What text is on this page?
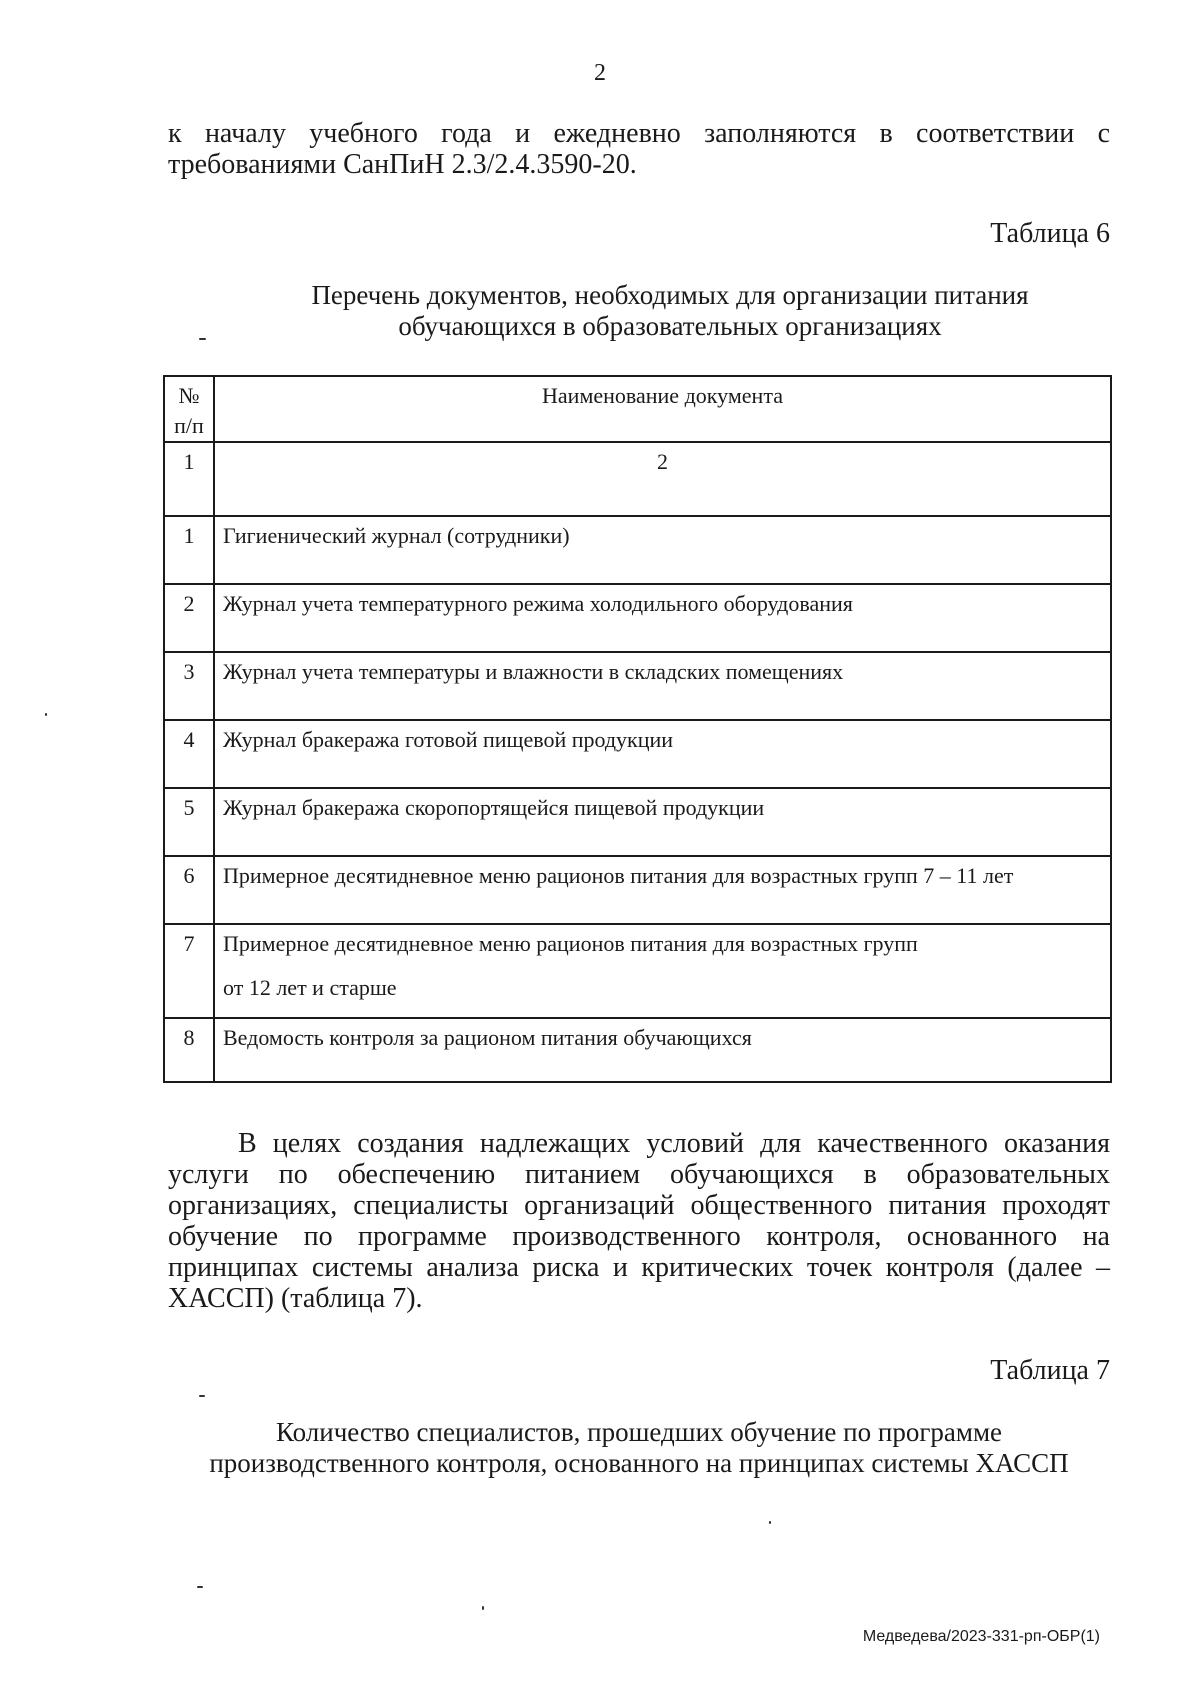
2
к началу учебного года и ежедневно заполняются в соответствии с требованиями СанПиН 2.3/2.4.3590-20.
Таблица 6
Перечень документов, необходимых для организации питания
обучающихся в образовательных организациях
№ п/п	Наименование документа
1	2
1	Гигиенический журнал (сотрудники)
2	Журнал учета температурного режима холодильного оборудования
3	Журнал учета температуры и влажности в складских помещениях
4	Журнал бракеража готовой пищевой продукции
5	Журнал бракеража скоропортящейся пищевой продукции
6	Примерное десятидневное меню рационов питания для возрастных групп 7 – 11 лет
7	Примерное десятидневное меню рационов питания для возрастных групп
от 12 лет и старше

8	Ведомость контроля за рационом питания обучающихся
В целях создания надлежащих условий для качественного оказания услуги по обеспечению питанием обучающихся в образовательных организациях, специалисты организаций общественного питания проходят обучение по программе производственного контроля, основанного на принципах системы анализа риска и критических точек контроля (далее – ХАССП) (таблица 7).
Таблица 7
Количество специалистов, прошедших обучение по программе
производственного контроля, основанного на принципах системы ХАССП
Медведева/2023-331-рп-ОБР(1)
